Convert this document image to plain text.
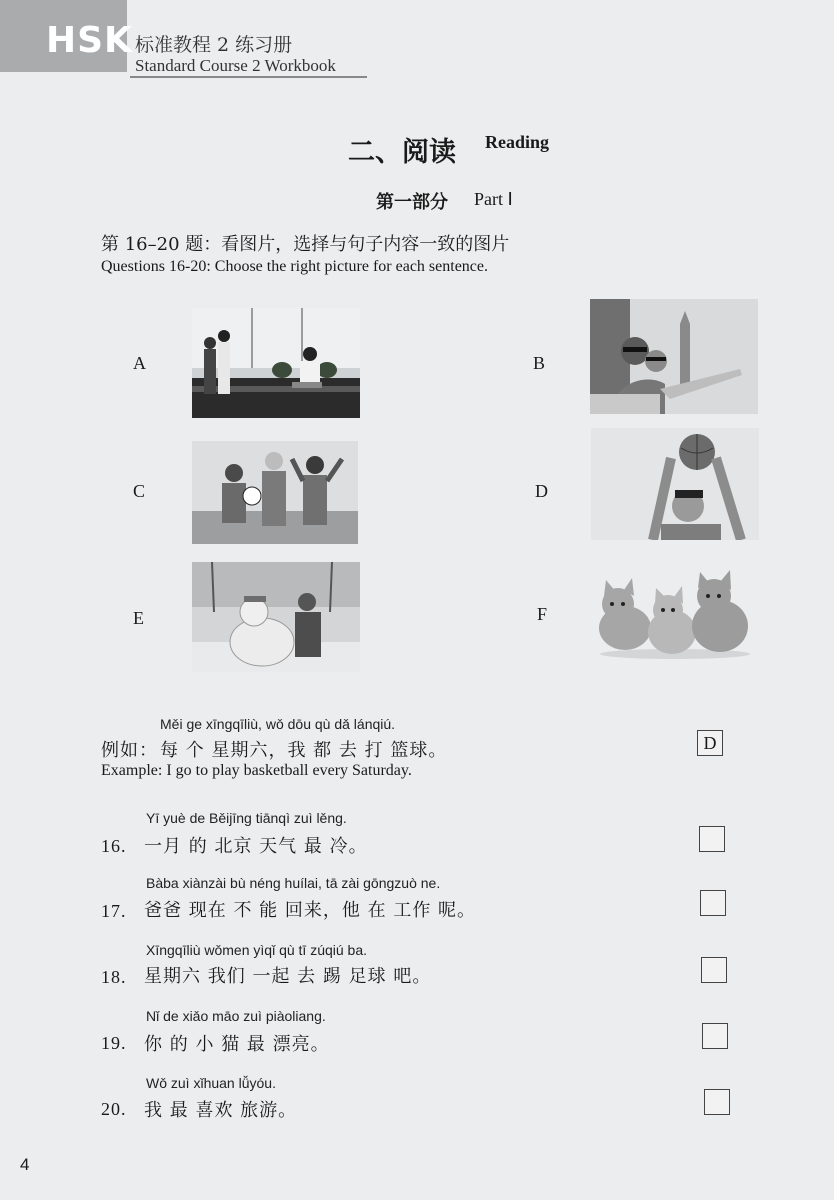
HSK 标准教程 2 练习册
Standard Course 2 Workbook
二、阅读 Reading
第一部分 Part Ⅰ
第 16–20 题：看图片，选择与句子内容一致的图片
Questions 16-20: Choose the right picture for each sentence.
A	B
C	D
E	F
Měi ge xīngqīliù, wǒ dōu qù dǎ lánqiú.
例如： 每 个 星期六，我 都 去 打 篮球。
Example: I go to play basketball every Saturday.
D
Yī yuè de Běijīng tiānqì zuì lěng.
16. 一月 的 北京 天气 最 冷。
Bàba xiànzài bù néng huílai, tā zài gōngzuò ne.
17. 爸爸 现在 不 能 回来，他 在 工作 呢。
Xīngqīliù wǒmen yìqǐ qù tī zúqiú ba.
18. 星期六 我们 一起 去 踢 足球 吧。
Nǐ de xiǎo māo zuì piàoliang.
19. 你 的 小 猫 最 漂亮。
Wǒ zuì xǐhuan lǚyóu.
20. 我 最 喜欢 旅游。
4
